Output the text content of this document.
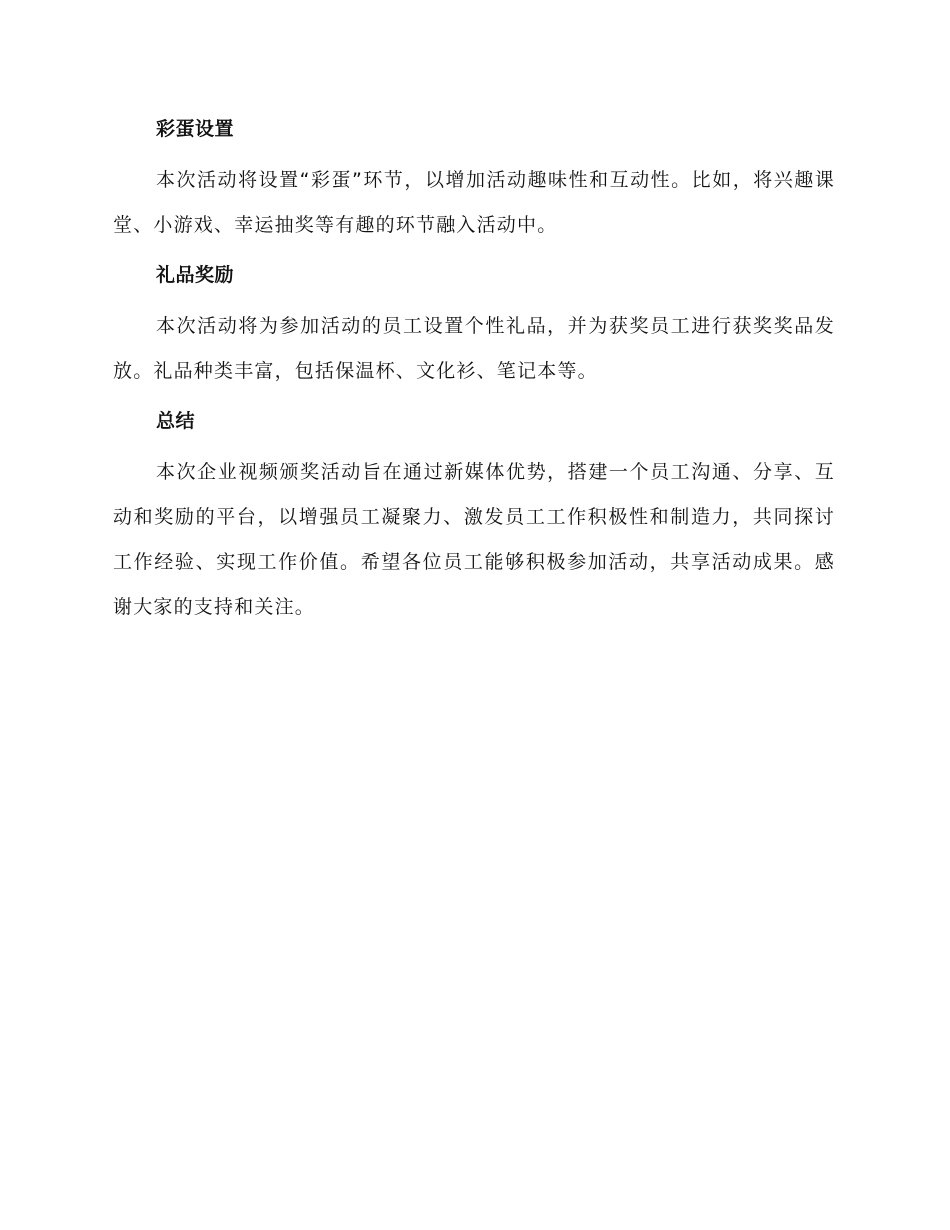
彩蛋设置

本次活动将设置“彩蛋”环节，以增加活动趣味性和互动性。比如，将兴趣课堂、小游戏、幸运抽奖等有趣的环节融入活动中。

礼品奖励

本次活动将为参加活动的员工设置个性礼品，并为获奖员工进行获奖奖品发放。礼品种类丰富，包括保温杯、文化衫、笔记本等。

总结

本次企业视频颁奖活动旨在通过新媒体优势，搭建一个员工沟通、分享、互动和奖励的平台，以增强员工凝聚力、激发员工工作积极性和制造力，共同探讨工作经验、实现工作价值。希望各位员工能够积极参加活动，共享活动成果。感谢大家的支持和关注。
